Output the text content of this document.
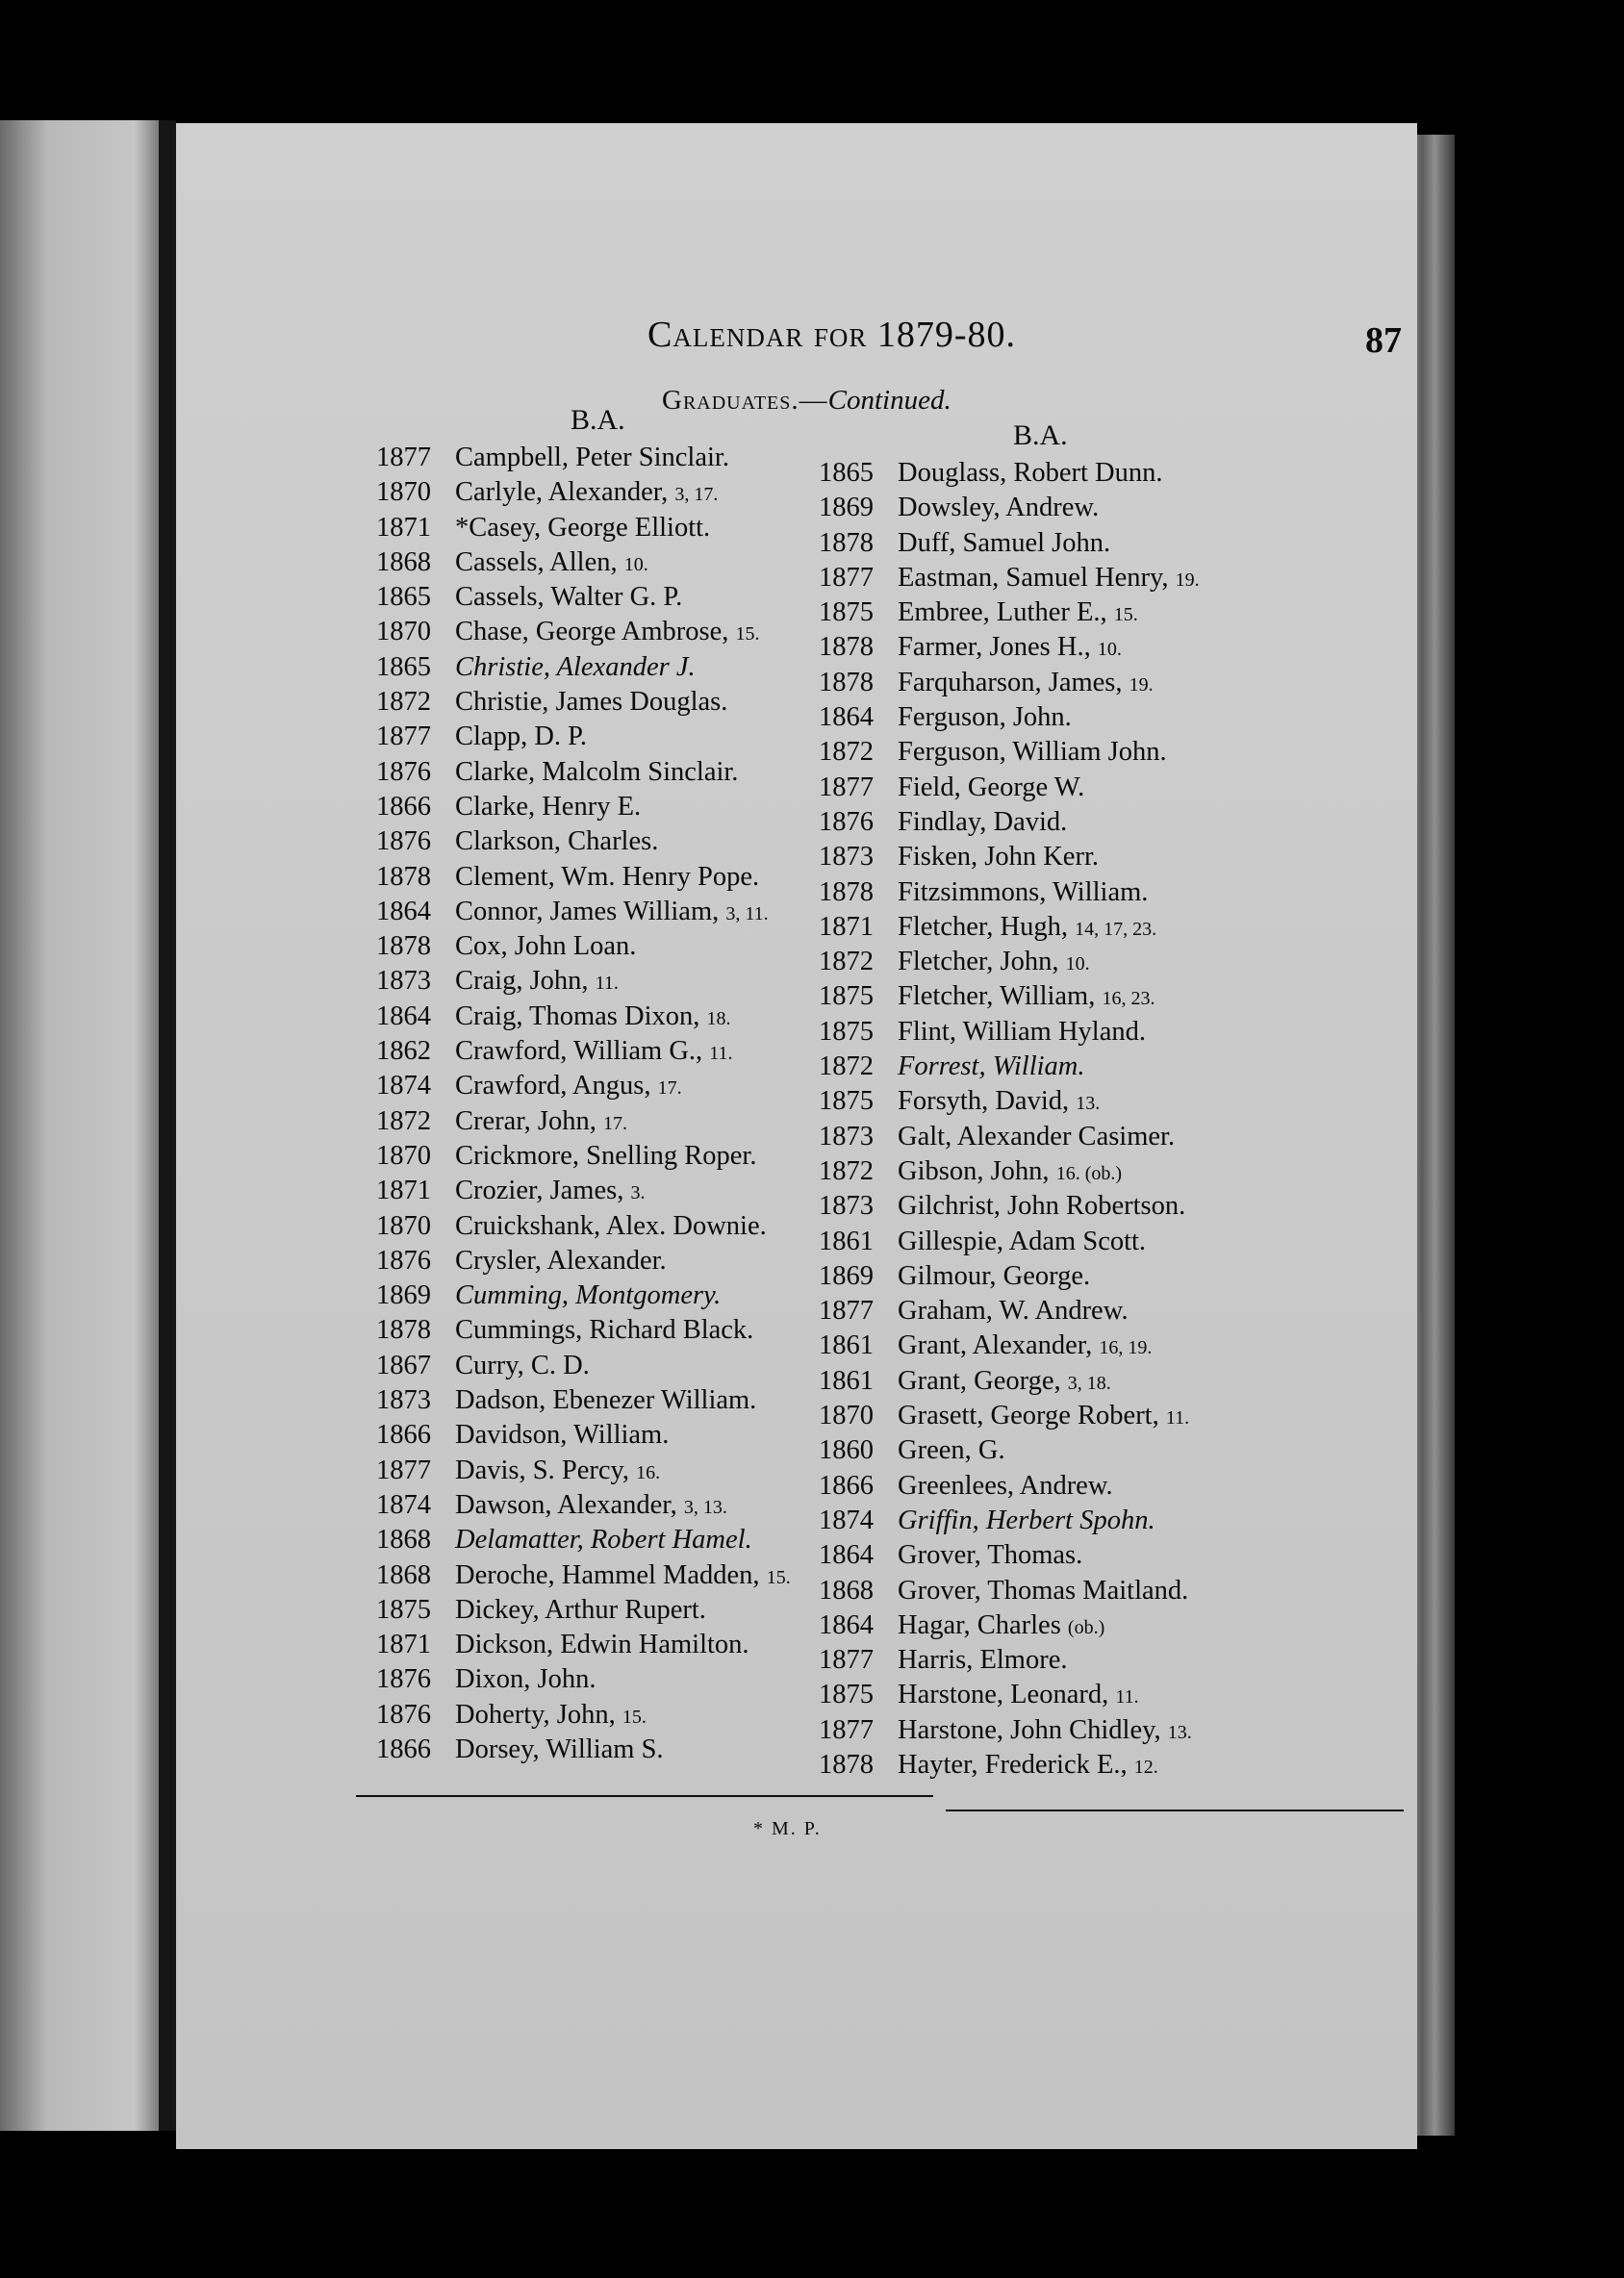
Calendar for 1879-80.	87
Graduates.—Continued.
B.A.	B.A.
1877 Campbell, Peter Sinclair.
1870 Carlyle, Alexander, 3, 17.
1871 *Casey, George Elliott.
1868 Cassels, Allen, 10.
1865 Cassels, Walter G. P.
1870 Chase, George Ambrose, 15.
1865 Christie, Alexander J.
1872 Christie, James Douglas.
1877 Clapp, D. P.
1876 Clarke, Malcolm Sinclair.
1866 Clarke, Henry E.
1876 Clarkson, Charles.
1878 Clement, Wm. Henry Pope.
1864 Connor, James William, 3, 11.
1878 Cox, John Loan.
1873 Craig, John, 11.
1864 Craig, Thomas Dixon, 18.
1862 Crawford, William G., 11.
1874 Crawford, Angus, 17.
1872 Crerar, John, 17.
1870 Crickmore, Snelling Roper.
1871 Crozier, James, 3.
1870 Cruickshank, Alex. Downie.
1876 Crysler, Alexander.
1869 Cumming, Montgomery.
1878 Cummings, Richard Black.
1867 Curry, C. D.
1873 Dadson, Ebenezer William.
1866 Davidson, William.
1877 Davis, S. Percy, 16.
1874 Dawson, Alexander, 3, 13.
1868 Delamatter, Robert Hamel.
1868 Deroche, Hammel Madden, 15.
1875 Dickey, Arthur Rupert.
1871 Dickson, Edwin Hamilton.
1876 Dixon, John.
1876 Doherty, John, 15.
1866 Dorsey, William S.
1865 Douglass, Robert Dunn.
1869 Dowsley, Andrew.
1878 Duff, Samuel John.
1877 Eastman, Samuel Henry, 19.
1875 Embree, Luther E., 15.
1878 Farmer, Jones H., 10.
1878 Farquharson, James, 19.
1864 Ferguson, John.
1872 Ferguson, William John.
1877 Field, George W.
1876 Findlay, David.
1873 Fisken, John Kerr.
1878 Fitzsimmons, William.
1871 Fletcher, Hugh, 14, 17, 23.
1872 Fletcher, John, 10.
1875 Fletcher, William, 16, 23.
1875 Flint, William Hyland.
1872 Forrest, William.
1875 Forsyth, David, 13.
1873 Galt, Alexander Casimer.
1872 Gibson, John, 16. (ob.)
1873 Gilchrist, John Robertson.
1861 Gillespie, Adam Scott.
1869 Gilmour, George.
1877 Graham, W. Andrew.
1861 Grant, Alexander, 16, 19.
1861 Grant, George, 3, 18.
1870 Grasett, George Robert, 11.
1860 Green, G.
1866 Greenlees, Andrew.
1874 Griffin, Herbert Spohn.
1864 Grover, Thomas.
1868 Grover, Thomas Maitland.
1864 Hagar, Charles (ob.)
1877 Harris, Elmore.
1875 Harstone, Leonard, 11.
1877 Harstone, John Chidley, 13.
1878 Hayter, Frederick E., 12.
* M. P.
